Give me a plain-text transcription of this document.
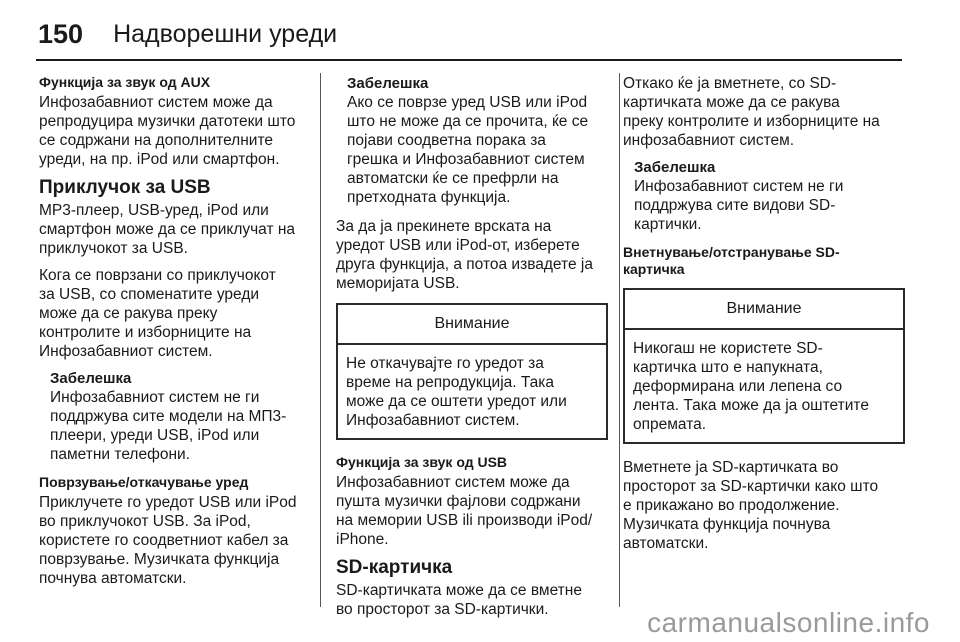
150 Надворешни уреди
Функција за звук од AUX

Инфозабавниот систем може да
репродуцира музички датотеки што
се содржани на дополнителните
уреди, на пр. iPod или смартфон.

Приклучок за USB

MP3-плеер, USB-уред, iPod или
смартфон може да се приклучат на
приклучокот за USB.

Кога се поврзани со приклучокот
за USB, со споменатите уреди
може да се ракува преку
контролите и изборниците на
Инфозабавниот систем.

Забелешка
Инфозабавниот систем не ги
поддржува сите модели на МП3-
плеери, уреди USB, iPod или
паметни телефони.
Поврзување/откачување уред

Приклучете го уредот USB или iPod
во приклучокот USB. За iPod,
користете го соодветниот кабел за
поврзување. Музичката функција
почнува автоматски.

Забелешка
Ако се поврзе уред USB или iPod
што не може да се прочита, ќе се
појави соодветна порака за
грешка и Инфозабавниот систем
автоматски ќе се префрли на
претходната функција.

За да ја прекинете врската на
уредот USB или iPod-от, изберете
друга функција, а потоа извадете ја
меморијата USB.

Внимание
Не откачувајте го уредот за
време на репродукција. Така
може да се оштети уредот или
Инфозабавниот систем.
Функција за звук од USB

Инфозабавниот систем може да
пушта музички фајлови содржани
на мемории USB ili производи iPod/
iPhone.

SD-картичка

SD-картичката може да се вметне
во просторот за SD-картички.

Откако ќе ја вметнете, со SD-
картичката може да се ракува
преку контролите и изборниците на
инфозабавниот систем.

Забелешка
Инфозабавниот систем не ги
поддржува сите видови SD-
картички.
Внетнување/отстранување SD-
картичка
Внимание
Никогаш не користете SD-
картичка што е напукната,
деформирана или лепена со
лента. Така може да ја оштетите
опремата.

Вметнете ја SD-картичката во
просторот за SD-картички како што
е прикажано во продолжение.
Музичката функција почнува
автоматски.

carmanualsonline.info
